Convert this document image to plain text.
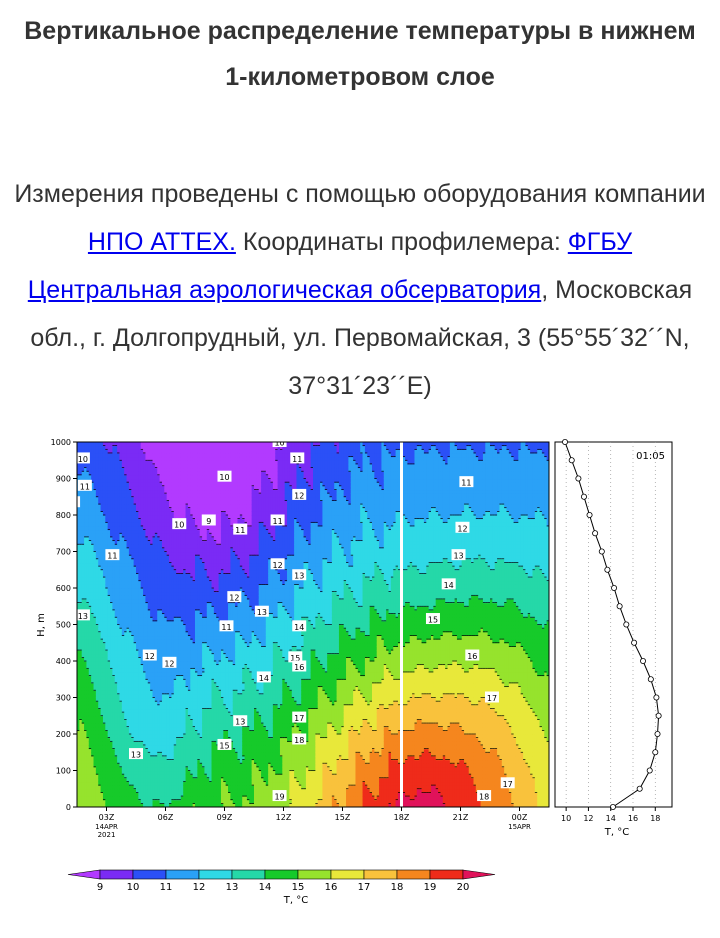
Вертикальное распределение температуры в нижнем 1-километровом слое
Измерения проведены с помощью оборудования компании НПО АТТЕХ. Координаты профилемера: ФГБУ Центральная аэрологическая обсерватория, Московская обл., г. Долгопрудный, ул. Первомайская, 3 (55°55´32´´N, 37°31´23´´E)
10
11
12
14
13
11
12
12
13
10	9
10
11
11
12
11
12
13
13
12
11
10
14
13
15
15
16
14
17
18
19
11
12
13
14
15
16
17
17
18
0
100
200
300
400
500
600
700
800
900
1000
03Z
14APR
2021
06Z	09Z	12Z	15Z	18Z	21Z	00Z
15APR
H, m
01:05
10 12 14 16 18
T, °C
9 10 11 12 13 14 15 16 17 18 19 20
T, °C
